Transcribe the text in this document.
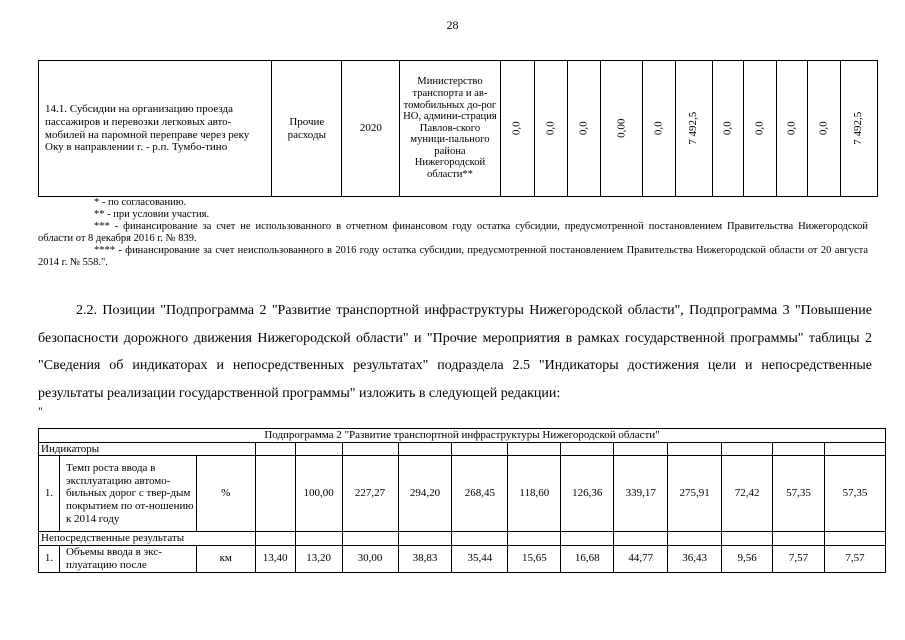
28
14.1. Субсидии на организацию проезда пассажиров и перевозки легковых авто-мобилей на паромной переправе через реку Оку в направлении г. - р.п. Тумбо-тино	Прочие расходы	2020	Министерство транспорта и ав-томобильных до-рог НО, админи-страция Павлов-ского муници-пального района Нижегородской области**	0,0	0,0	0,0	0,00	0,0	7 492,5	0,0	0,0	0,0	0,0	7 492,5
* - по согласованию.
** - при условии участия.
*** - финансирование за счет не использованного в отчетном финансовом году остатка субсидии, предусмотренной постановлением Правительства Нижегородской области от 8 декабря 2016 г. № 839.
**** - финансирование за счет неиспользованного в 2016 году остатка субсидии, предусмотренной постановлением Правительства Нижегородской области от 20 августа 2014 г. № 558.".
2.2. Позиции "Подпрограмма 2 "Развитие транспортной инфраструктуры Нижегородской области", Подпрограмма 3 "Повышение безопасности дорожного движения Нижегородской области" и "Прочие мероприятия в рамках государственной программы" таблицы 2 "Сведения об индикаторах и непосредственных результатах" подраздела 2.5 "Индикаторы достижения цели и непосредственные результаты реализации государственной программы" изложить в следующей редакции:
"
Подпрограмма 2 "Развитие транспортной инфраструктуры Нижегородской области"														
Индикаторы														
1.	Темп роста ввода в эксплуатацию автомо-бильных дорог с твер-дым покрытием по от-ношению к 2014 году	%		100,00	227,27	294,20	268,45	118,60	126,36	339,17	275,91	72,42	57,35	57,35
Непосредственные результаты														
1.	Объемы ввода в экс-плуатацию после	км	13,40	13,20	30,00	38,83	35,44	15,65	16,68	44,77	36,43	9,56	7,57	7,57
